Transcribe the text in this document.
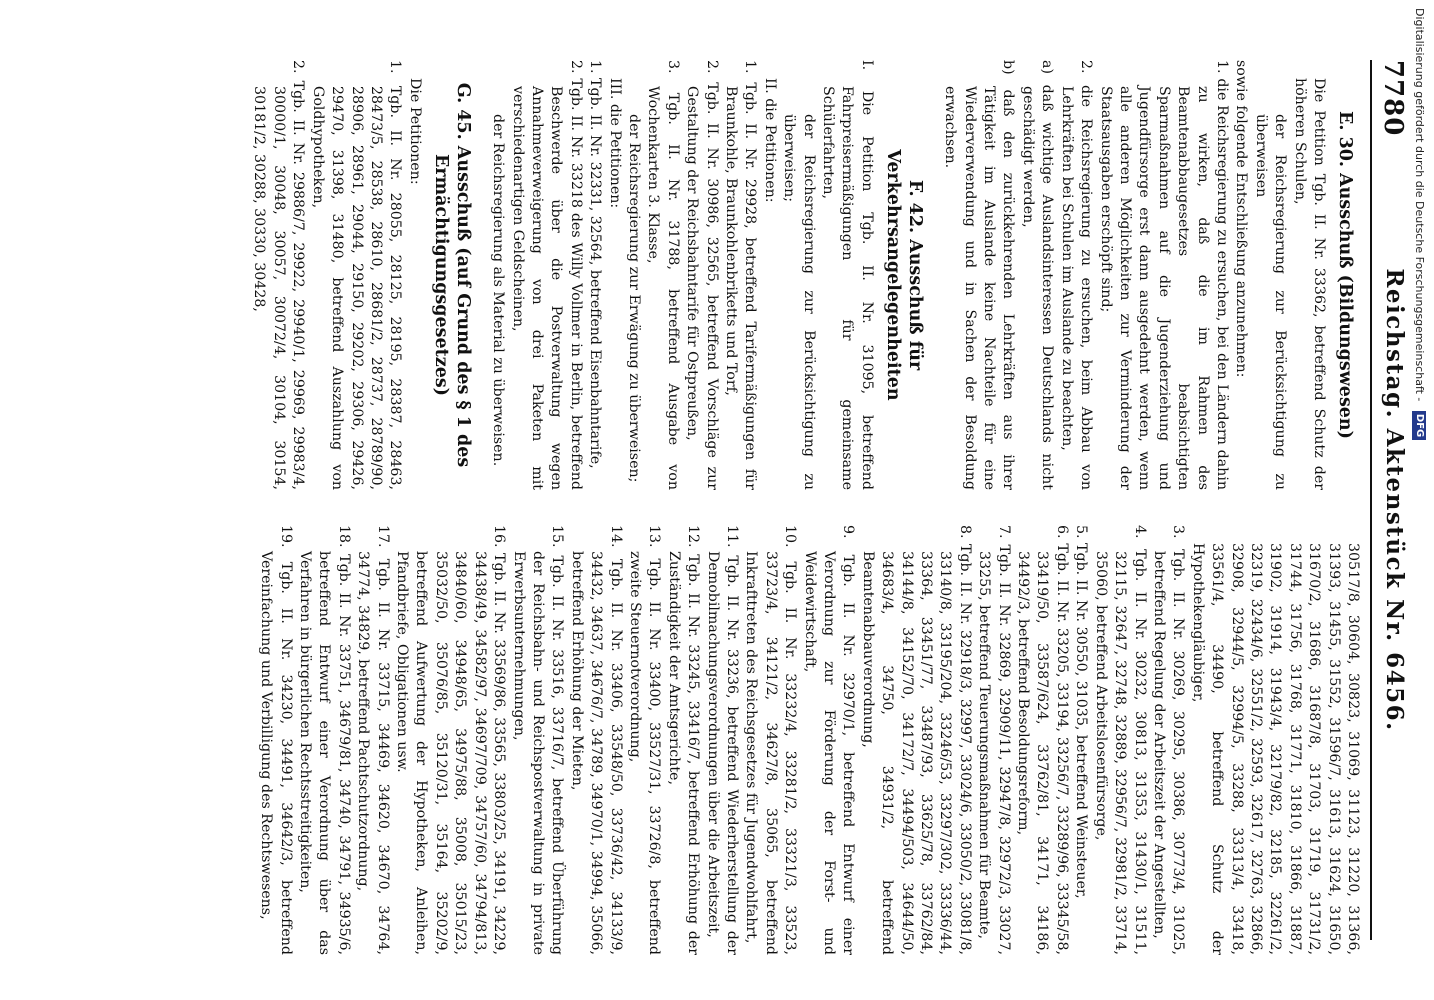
7780
Reichstag. Aktenstück Nr. 6456.
E. 30. Ausschuß (Bildungswesen)

Die Petition Tgb. II. Nr. 33362, betreffend Schutz der höheren Schulen,

der Reichsregierung zur Berücksichtigung zu überweisen

sowie folgende Entschließung anzunehmen:

1. die Reichsregierung zu ersuchen, bei den Ländern dahin zu wirken, daß die im Rahmen des Beamtenabbaugesetzes beabsichtigten Sparmaßnahmen auf die Jugenderziehung und Jugendfürsorge erst dann ausgedehnt werden, wenn alle anderen Möglichkeiten zur Verminderung der Staatsausgaben erschöpft sind;

2. die Reichsregierung zu ersuchen, beim Abbau von Lehrkräften bei Schulen im Auslande zu beachten,

a) daß wichtige Auslandsinteressen Deutschlands nicht geschädigt werden,

b) daß den zurückkehrenden Lehrkräften aus ihrer Tätigkeit im Auslande keine Nachteile für eine Wiederverwendung und in Sachen der Besoldung erwachsen.

F. 42. Ausschuß für Verkehrsangelegenheiten

I. Die Petition Tgb. II. Nr. 31095, betreffend Fahrpreisermäßigungen für gemeinsame Schülerfahrten,

der Reichsregierung zur Berücksichtigung zu überweisen;

II. die Petitionen:

1. Tgb. II. Nr. 29928, betreffend Tarifermäßigungen für Braunkohle, Braunkohlenbriketts und Torf,

2. Tgb. II. Nr. 30986, 32565, betreffend Vorschläge zur Gestaltung der Reichsbahntarife für Ostpreußen,

3. Tgb. II. Nr. 31788, betreffend Ausgabe von Wochenkarten 3. Klasse,

der Reichsregierung zur Erwägung zu überweisen;

III. die Petitionen:

1. Tgb. II. Nr. 32331, 32564, betreffend Eisenbahntarife,

2. Tgb. II. Nr. 33218 des Willy Vollmer in Berlin, betreffend Beschwerde über die Postverwaltung wegen Annahmeverweigerung von drei Paketen mit verschiedenartigen Geldscheinen,

der Reichsregierung als Material zu überweisen.

G. 45. Ausschuß (auf Grund des § 1 des Ermächtigungsgesetzes)

Die Petitionen:

1. Tgb. II. Nr. 28055, 28125, 28195, 28387, 28463, 28473/5, 28538, 28610, 28681/2, 28737, 28789/90, 28906, 28961, 29044, 29150, 29202, 29306, 29426, 29470, 31398, 31480, betreffend Auszahlung von Goldhypotheken,

2. Tgb. II. Nr. 29886/7, 29922, 29940/1, 29969, 29983/4, 30000/1, 30048, 30057, 30072/4, 30104, 30154, 30181/2, 30288, 30330, 30428,

30517/8, 30604, 30823, 31069, 31123, 31220, 31366, 31393, 31455, 31552, 31596/7, 31613, 31624, 31650, 31670/2, 31686, 31687/8, 31703, 31719, 31731/2, 31744, 31756, 31768, 31771, 31810, 31866, 31887, 31902, 31914, 31943/4, 32179/82, 32185, 32261/2, 32319, 32434/6, 32551/2, 32593, 32617, 32763, 32866, 32908, 32944/5, 32994/5, 33288, 33313/4, 33418, 33561/4, 34490, betreffend Schutz der Hypothekengläubiger,

3. Tgb. II. Nr. 30269, 30295, 30386, 30773/4, 31025, betreffend Regelung der Arbeitszeit der Angestellten,

4. Tgb. II. Nr. 30232, 30813, 31353, 31430/1, 31511, 32115, 32647, 32748, 32889, 32956/7, 32981/2, 33714, 35060, betreffend Arbeitslosenfürsorge,

5. Tgb. II. Nr. 30550, 31035, betreffend Weinsteuer,

6. Tgb. II. Nr. 33205, 33194, 33256/7, 33289/96, 33345/58, 33419/50, 33587/624, 33762/81, 34171, 34186, 34492/3, betreffend Besoldungsreform,

7. Tgb. II. Nr. 32869, 32909/11, 32947/8, 32972/3, 33027, 33255, betreffend Teuerungsmaßnahmen für Beamte,

8. Tgb. II. Nr. 32918/3, 32997, 33024/6, 33050/2, 33081/8, 33140/8, 33195/204, 33246/53, 33297/302, 33336/44, 33364, 33451/77, 33487/93, 33625/78, 33762/84, 34144/8, 34152/70, 34172/7, 34494/503, 34644/50, 34683/4, 34750, 34931/2, betreffend Beamtenabbauverordnung,

9. Tgb. II. Nr. 32970/1, betreffend Entwurf einer Verordnung zur Förderung der Forst- und Weidewirtschaft,

10. Tgb. II. Nr. 33232/4, 33281/2, 33321/3, 33523, 33723/4, 34121/2, 34627/8, 35065, betreffend Inkrafttreten des Reichsgesetzes für Jugendwohlfahrt,

11. Tgb. II. Nr. 33236, betreffend Wiederherstellung der Demobilmachungsverordnungen über die Arbeitszeit,

12. Tgb. II. Nr. 33245, 33416/7, betreffend Erhöhung der Zuständigkeit der Amtsgerichte,

13. Tgb. II. Nr. 33400, 33527/31, 33726/8, betreffend zweite Steuernotverordnung,

14. Tgb. II. Nr. 33406, 33548/50, 33736/42, 34133/9, 34432, 34637, 34676/7, 34789, 34970/1, 34994, 35066, betreffend Erhöhung der Mieten,

15. Tgb. II. Nr. 33516, 33716/7, betreffend Überführung der Reichsbahn- und Reichspostverwaltung in private Erwerbsunternehmungen,

16. Tgb. II. Nr. 33569/86, 33565, 33803/25, 34191, 34229, 34438/49, 34582/97, 34697/709, 34757/60, 34794/813, 34840/60, 34948/65, 34975/88, 35008, 35015/23, 35032/50, 35076/85, 35120/31, 35164, 35202/9, betreffend Aufwertung der Hypotheken, Anleihen, Pfandbriefe, Obligationen usw.

17. Tgb. II. Nr. 33715, 34469, 34620, 34670, 34764, 34774, 34829, betreffend Pachtschutzordnung,

18. Tgb. II. Nr. 33751, 34679/81, 34740, 34791, 34935/6, betreffend Entwurf einer Verordnung über das Verfahren in bürgerlichen Rechtsstreitigkeiten,

19. Tgb. II. Nr. 34230, 34491, 34642/3, betreffend Vereinfachung und Verbilligung des Rechtswesens,

Digitalisierung gefördert durch die Deutsche Forschungsgemeinschaft - DFG
